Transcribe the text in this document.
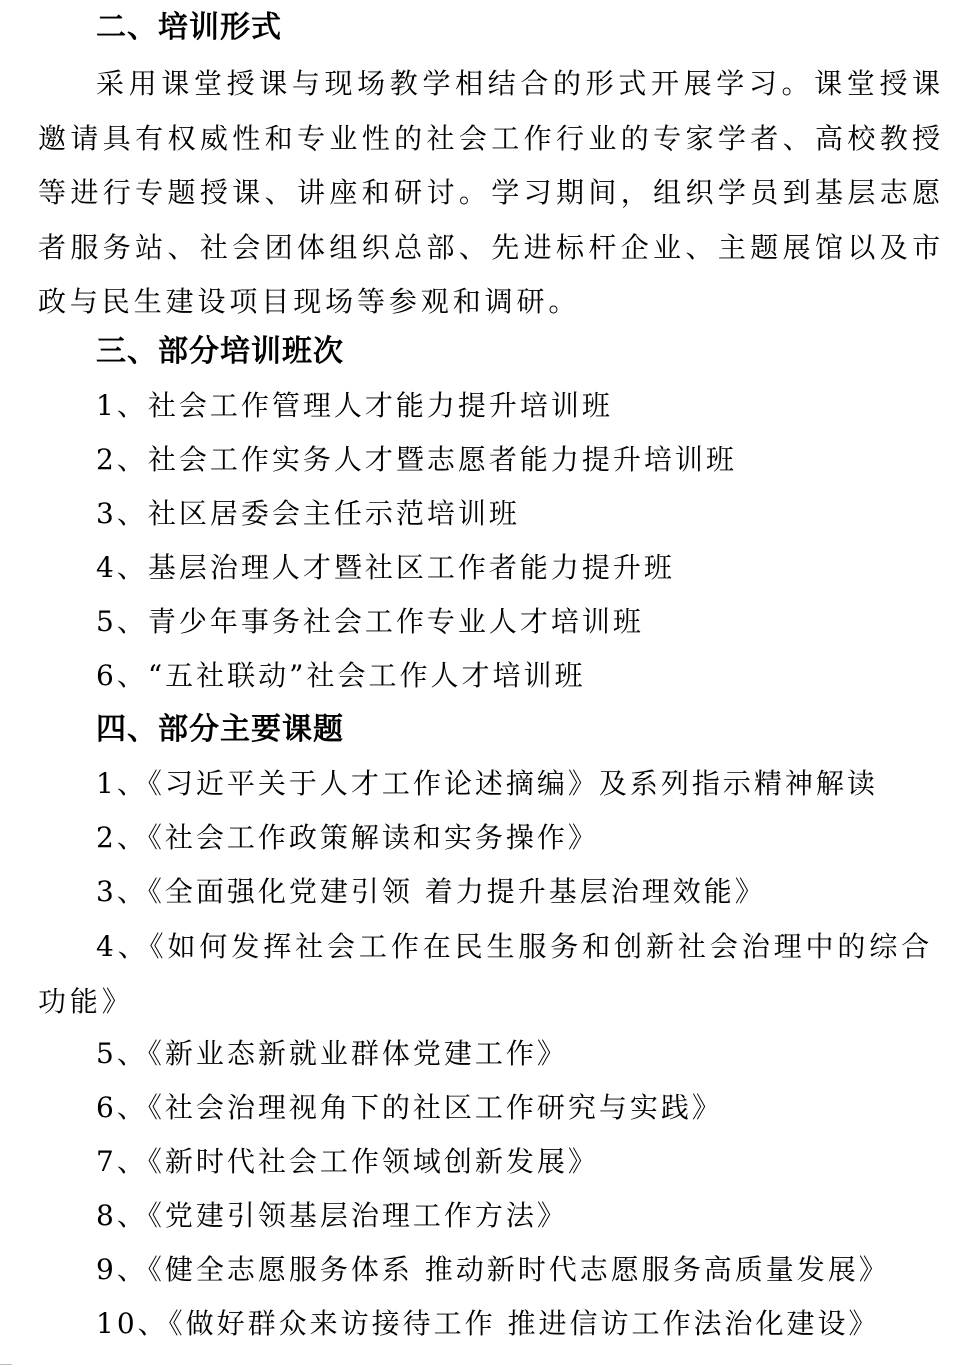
二、培训形式
采用课堂授课与现场教学相结合的形式开展学习。课堂授课邀请具有权威性和专业性的社会工作行业的专家学者、高校教授等进行专题授课、讲座和研讨。学习期间，组织学员到基层志愿者服务站、社会团体组织总部、先进标杆企业、主题展馆以及市政与民生建设项目现场等参观和调研。
三、部分培训班次
1、社会工作管理人才能力提升培训班
2、社会工作实务人才暨志愿者能力提升培训班
3、社区居委会主任示范培训班
4、基层治理人才暨社区工作者能力提升班
5、青少年事务社会工作专业人才培训班
6、“五社联动”社会工作人才培训班
四、部分主要课题
1、《习近平关于人才工作论述摘编》及系列指示精神解读
2、《社会工作政策解读和实务操作》
3、《全面强化党建引领 着力提升基层治理效能》
4、《如何发挥社会工作在民生服务和创新社会治理中的综合功能》
5、《新业态新就业群体党建工作》
6、《社会治理视角下的社区工作研究与实践》
7、《新时代社会工作领域创新发展》
8、《党建引领基层治理工作方法》
9、《健全志愿服务体系 推动新时代志愿服务高质量发展》
10、《做好群众来访接待工作 推进信访工作法治化建设》
